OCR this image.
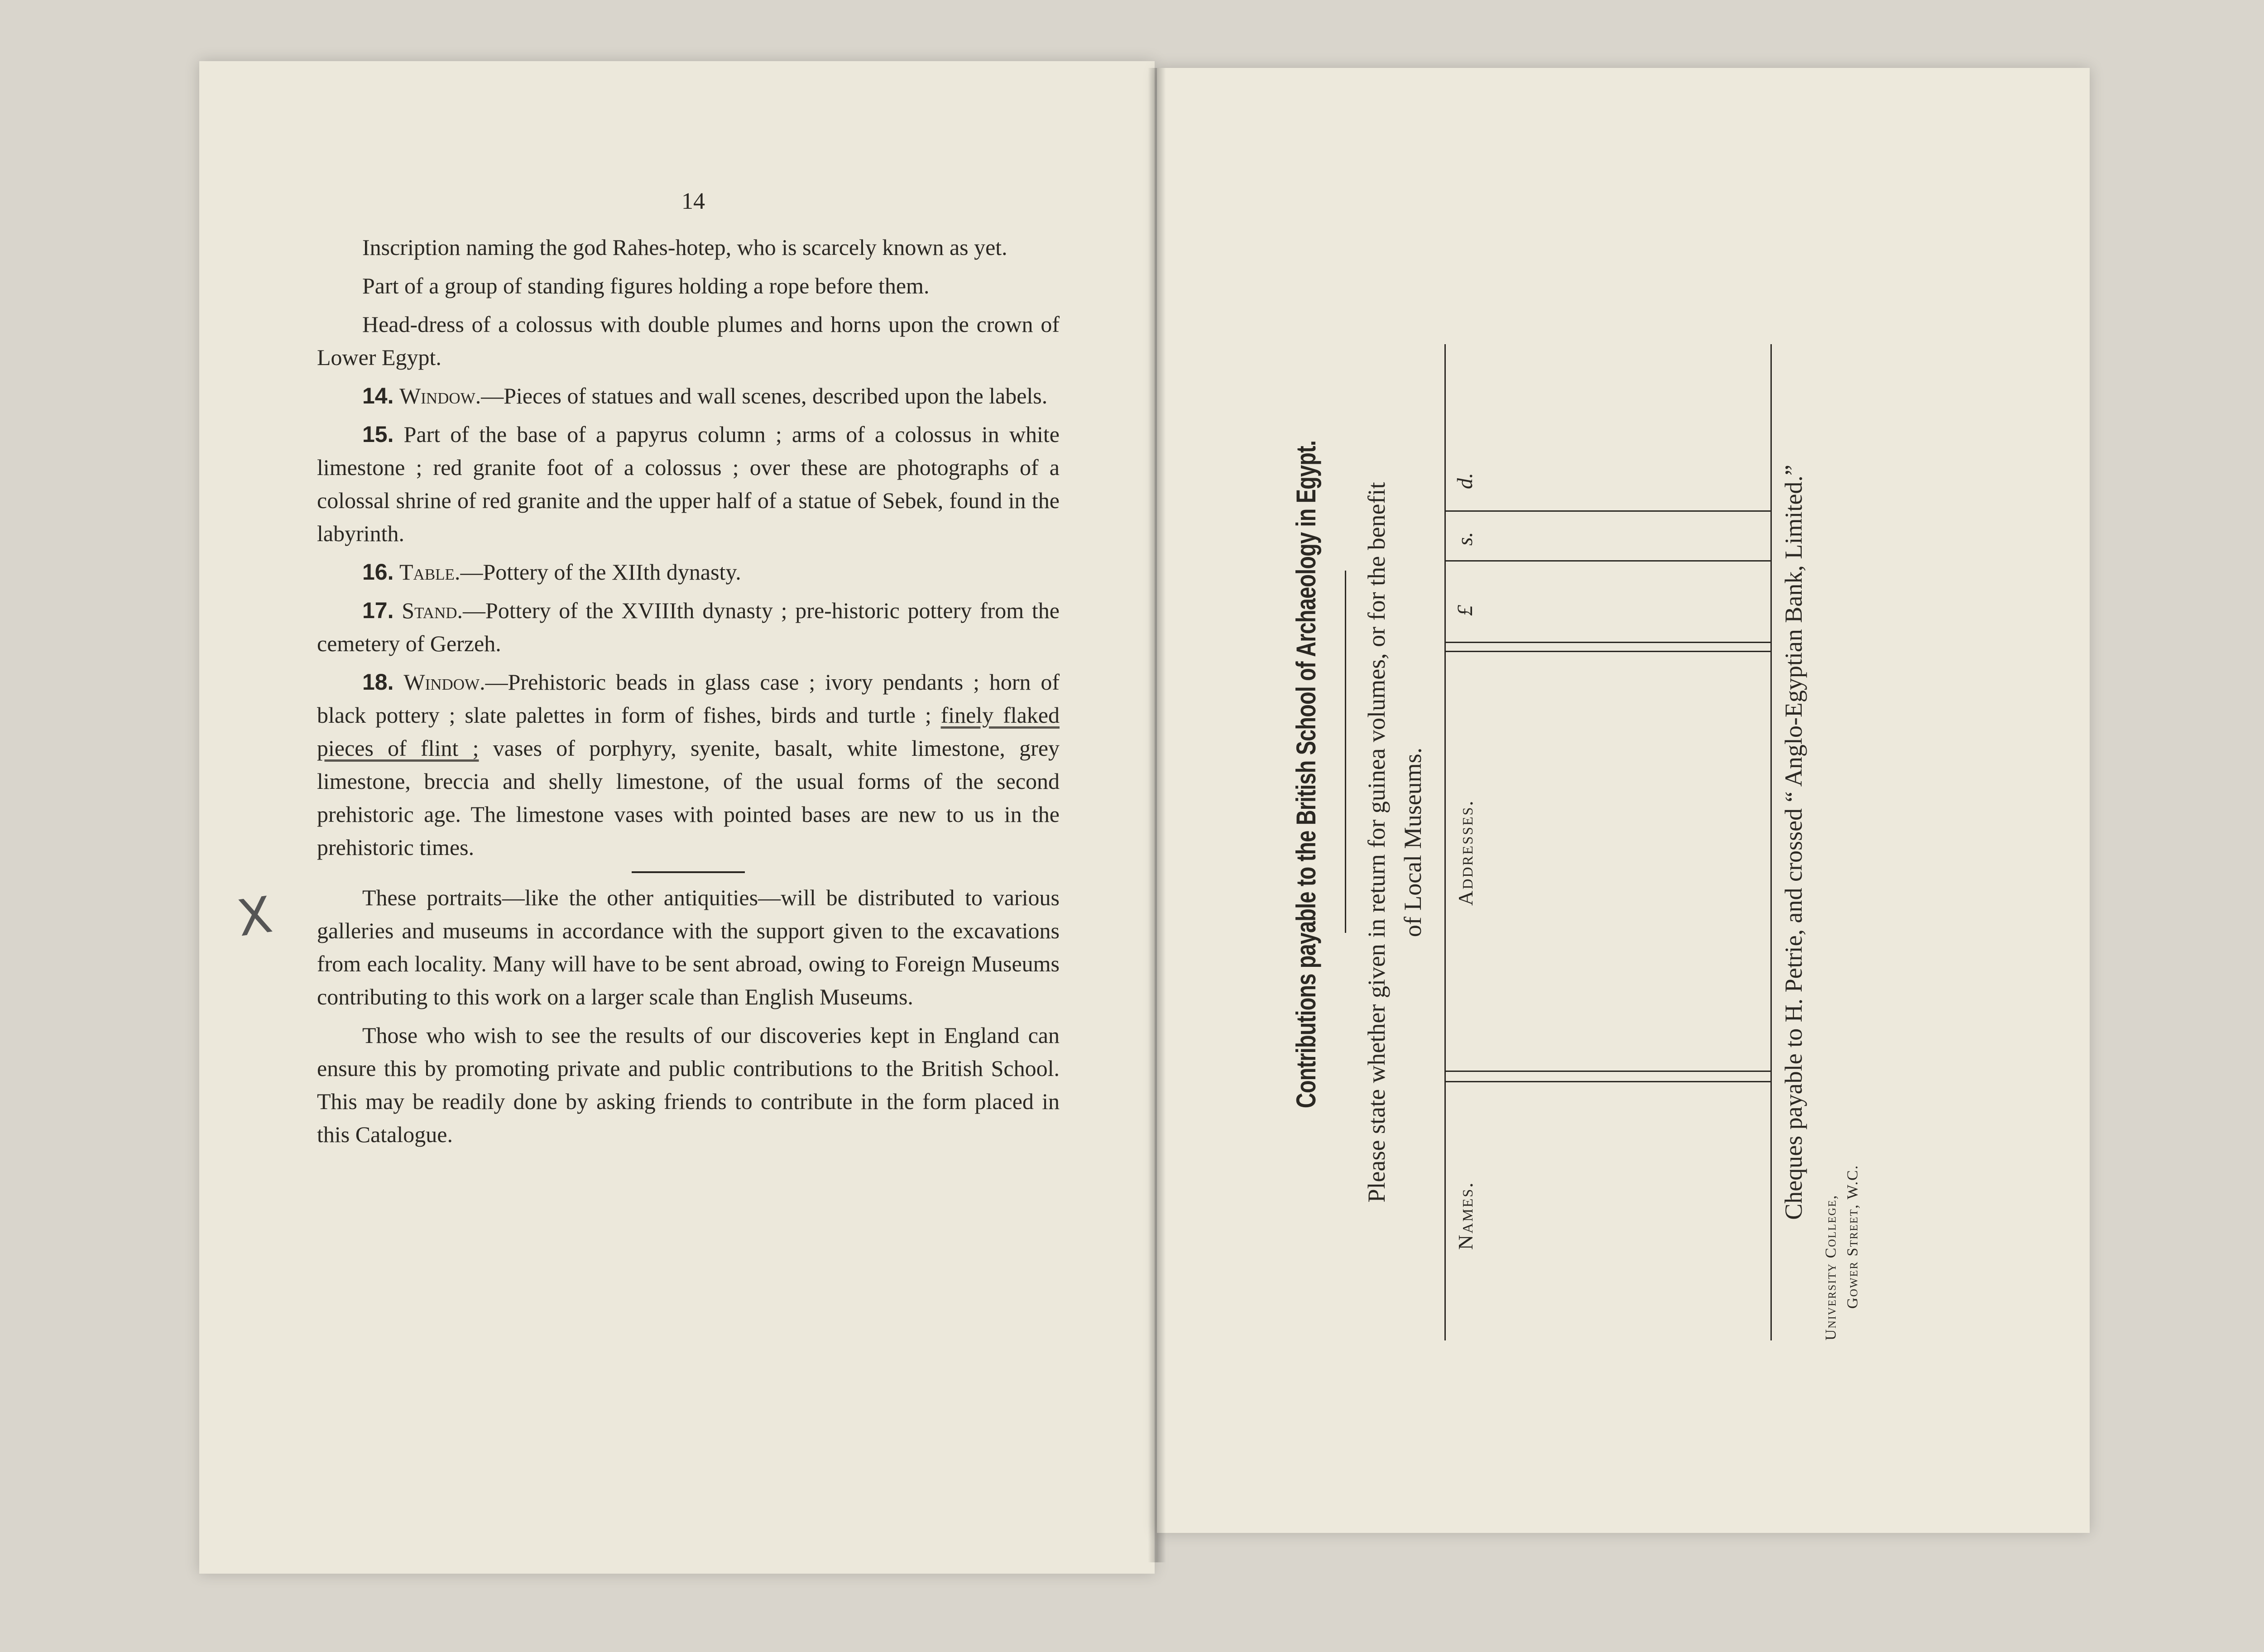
14
X

Inscription naming the god Rahes-hotep, who is scarcely known as yet.

Part of a group of standing figures holding a rope before them.

Head-dress of a colossus with double plumes and horns upon the crown of Lower Egypt.

14. Window.—Pieces of statues and wall scenes, described upon the labels.

15. Part of the base of a papyrus column ; arms of a colossus in white limestone ; red granite foot of a colossus ; over these are photographs of a colossal shrine of red granite and the upper half of a statue of Sebek, found in the labyrinth.

16. Table.—Pottery of the XIIth dynasty.

17. Stand.—Pottery of the XVIIIth dynasty ; pre-historic pottery from the cemetery of Gerzeh.

18. Window.—Prehistoric beads in glass case ; ivory pendants ; horn of black pottery ; slate palettes in form of fishes, birds and turtle ; finely flaked pieces of flint ; vases of porphyry, syenite, basalt, white limestone, grey limestone, breccia and shelly limestone, of the usual forms of the second prehistoric age. The limestone vases with pointed bases are new to us in the prehistoric times.

These portraits—like the other antiquities—will be distributed to various galleries and museums in accordance with the support given to the excavations from each locality. Many will have to be sent abroad, owing to Foreign Museums contributing to this work on a larger scale than English Museums.

Those who wish to see the results of our discoveries kept in England can ensure this by promoting private and public contributions to the British School. This may be readily done by asking friends to contribute in the form placed in this Catalogue.

Contributions payable to the British School of Archaeology in Egypt. Please state whether given in return for guinea volumes, or for the benefit of Local Museums.
Names.
Addresses.
£
s.
d.	Cheques payable to H. Petrie, and crossed “ Anglo-Egyptian Bank, Limited.”
University College, Gower Street, W.C.
